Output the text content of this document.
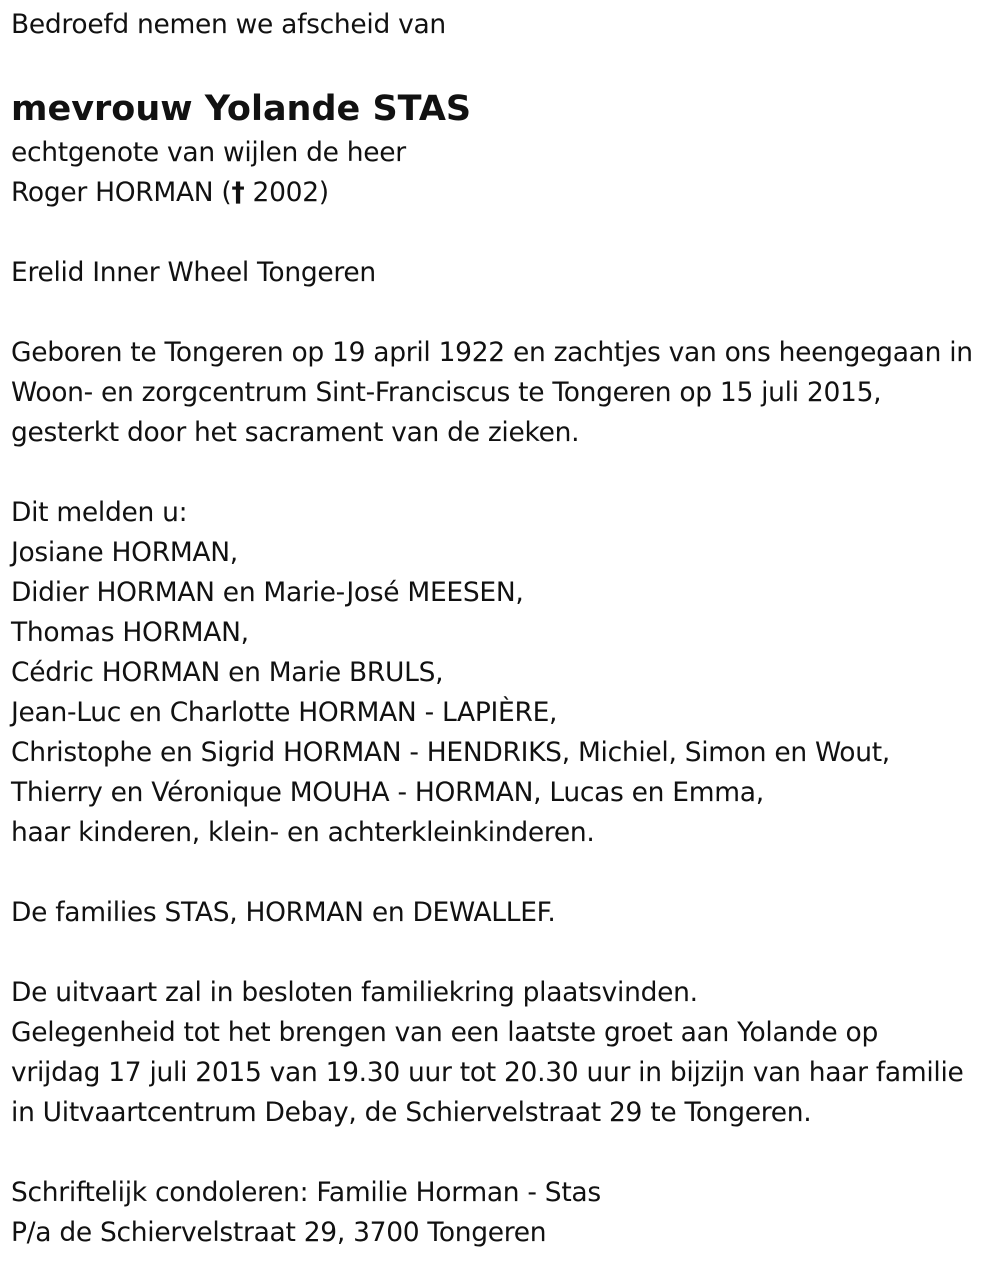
Bedroefd nemen we afscheid van
mevrouw Yolande STAS
echtgenote van wijlen de heer
Roger HORMAN († 2002)
Erelid Inner Wheel Tongeren
Geboren te Tongeren op 19 april 1922 en zachtjes van ons heengegaan in
Woon- en zorgcentrum Sint-Franciscus te Tongeren op 15 juli 2015,
gesterkt door het sacrament van de zieken.
Dit melden u:
Josiane HORMAN,
Didier HORMAN en Marie-José MEESEN,
Thomas HORMAN,
Cédric HORMAN en Marie BRULS,
Jean-Luc en Charlotte HORMAN - LAPIÈRE,
Christophe en Sigrid HORMAN - HENDRIKS, Michiel, Simon en Wout,
Thierry en Véronique MOUHA - HORMAN, Lucas en Emma,
haar kinderen, klein- en achterkleinkinderen.
De families STAS, HORMAN en DEWALLEF.
De uitvaart zal in besloten familiekring plaatsvinden.
Gelegenheid tot het brengen van een laatste groet aan Yolande op
vrijdag 17 juli 2015 van 19.30 uur tot 20.30 uur in bijzijn van haar familie
in Uitvaartcentrum Debay, de Schiervelstraat 29 te Tongeren.
Schriftelijk condoleren: Familie Horman - Stas
P/a de Schiervelstraat 29, 3700 Tongeren
